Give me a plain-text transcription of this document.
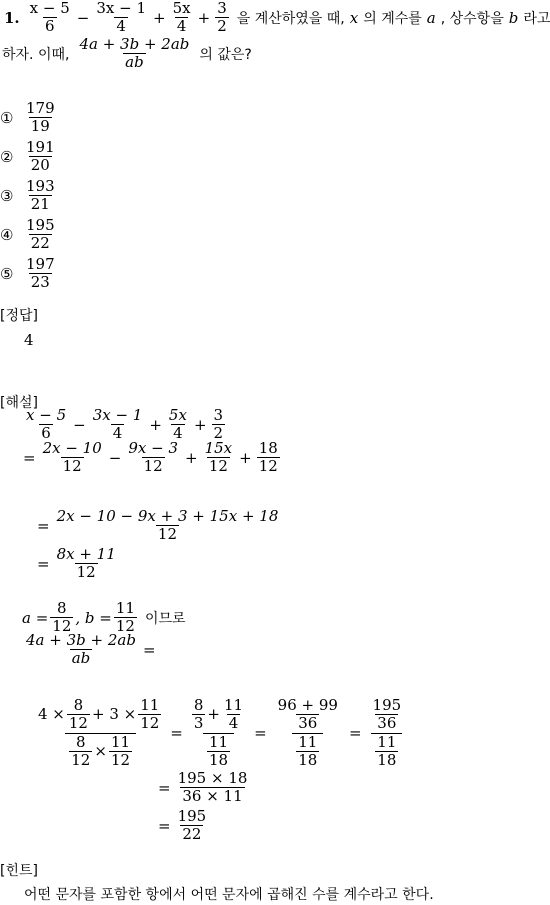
1. $\frac{x - 5}{6} - \frac{3x - 1}{4} + \frac{5x}{4} + \frac{3}{2}$ 을 계산하였을 때, x 의 계수를 a , 상수항을 b 라고
하자. 이때, $\frac{4a + 3b + 2ab}{ab}$ 의 값은?
① $\frac{179}{19}$
② $\frac{191}{20}$
③ $\frac{193}{21}$
④ $\frac{195}{22}$
⑤ $\frac{197}{23}$
[정답]
4
[해설]
$\frac{x - 5}{6} - \frac{3x - 1}{4} + \frac{5x}{4} + \frac{3}{2}$
= $\frac{2x - 10}{12} - \frac{9x - 3}{12} + \frac{15x}{12} + \frac{18}{12}$
= $\frac{2x - 10 - 9x + 3 + 15x + 18}{12}$
= $\frac{8x + 11}{12}$
$a = \frac{8}{12}$ , $b = \frac{11}{12}$ 이므로
$\frac{4a + 3b + 2ab}{ab}$ =
$\frac{4 \times \frac{8}{12} + 3 \times \frac{11}{12}}{\frac{8}{12} \times \frac{11}{12}} = \frac{\frac{8}{3} + \frac{11}{4}}{\frac{11}{18}} = \frac{\frac{96 + 99}{36}}{\frac{11}{18}} = \frac{\frac{195}{36}}{\frac{11}{18}}$
= $\frac{195 \times 18}{36 \times 11}$
= $\frac{195}{22}$
[힌트]
어떤 문자를 포함한 항에서 어떤 문자에 곱해진 수를 계수라고 한다.
